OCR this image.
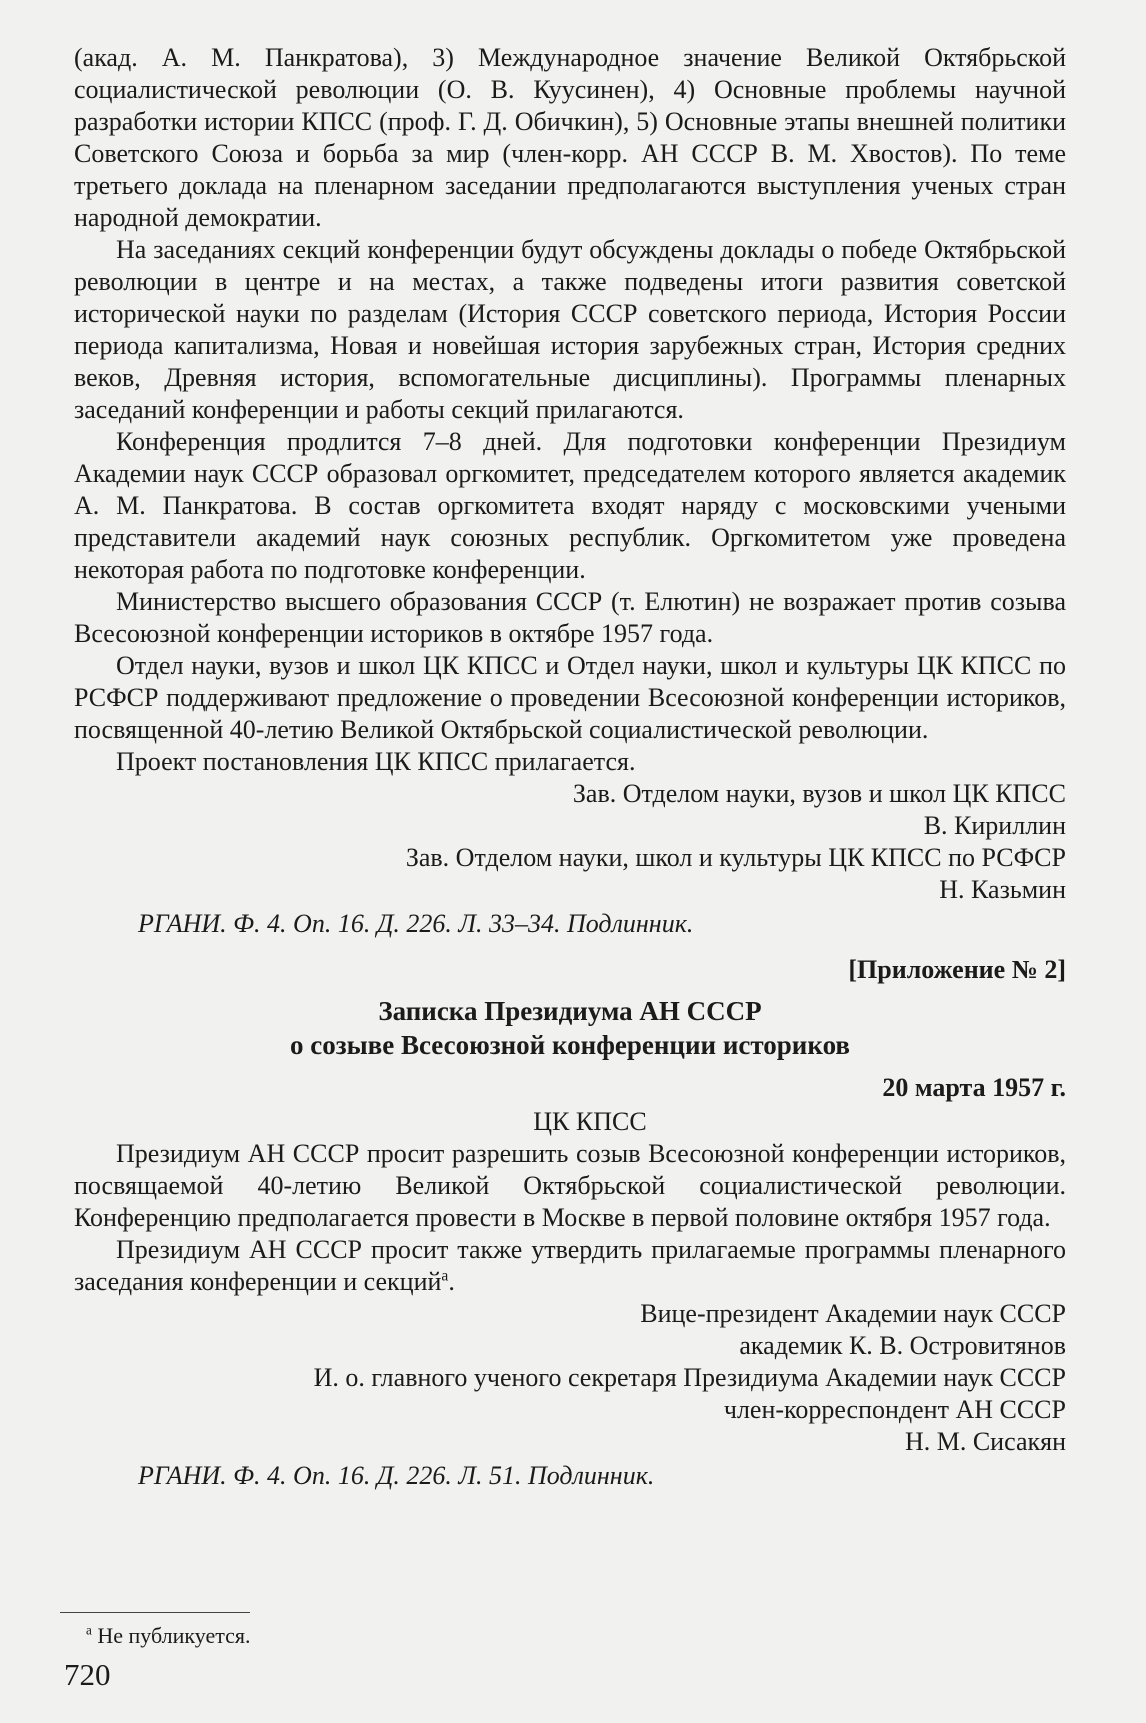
(акад. А. М. Панкратова), 3) Международное значение Великой Октябрьской социалистической революции (О. В. Куусинен), 4) Основные проблемы научной разработки истории КПСС (проф. Г. Д. Обичкин), 5) Основные этапы внешней политики Советского Союза и борьба за мир (член-корр. АН СССР В. М. Хвостов). По теме третьего доклада на пленарном заседании предполагаются выступления ученых стран народной демократии.

На заседаниях секций конференции будут обсуждены доклады о победе Октябрьской революции в центре и на местах, а также подведены итоги развития советской исторической науки по разделам (История СССР советского периода, История России периода капитализма, Новая и новейшая история зарубежных стран, История средних веков, Древняя история, вспомогательные дисциплины). Программы пленарных заседаний конференции и работы секций прилагаются.

Конференция продлится 7–8 дней. Для подготовки конференции Президиум Академии наук СССР образовал оргкомитет, председателем которого является академик А. М. Панкратова. В состав оргкомитета входят наряду с московскими учеными представители академий наук союзных республик. Оргкомитетом уже проведена некоторая работа по подготовке конференции.

Министерство высшего образования СССР (т. Елютин) не возражает против созыва Всесоюзной конференции историков в октябре 1957 года.

Отдел науки, вузов и школ ЦК КПСС и Отдел науки, школ и культуры ЦК КПСС по РСФСР поддерживают предложение о проведении Всесоюзной конференции историков, посвященной 40-летию Великой Октябрьской социалистической революции.

Проект постановления ЦК КПСС прилагается.

Зав. Отделом науки, вузов и школ ЦК КПСС

В. Кириллин

Зав. Отделом науки, школ и культуры ЦК КПСС по РСФСР

Н. Казьмин

РГАНИ. Ф. 4. Оп. 16. Д. 226. Л. 33–34. Подлинник.

[Приложение № 2]

Записка Президиума АН СССР
о созыве Всесоюзной конференции историков

20 марта 1957 г.

ЦК КПСС

Президиум АН СССР просит разрешить созыв Всесоюзной конференции историков, посвящаемой 40-летию Великой Октябрьской социалистической революции. Конференцию предполагается провести в Москве в первой половине октября 1957 года.

Президиум АН СССР просит также утвердить прилагаемые программы пленарного заседания конференции и секций$^а$.

Вице-президент Академии наук СССР

академик К. В. Островитянов

И. о. главного ученого секретаря Президиума Академии наук СССР

член-корреспондент АН СССР

Н. М. Сисакян

РГАНИ. Ф. 4. Оп. 16. Д. 226. Л. 51. Подлинник.

$^а$ Не публикуется.
720
